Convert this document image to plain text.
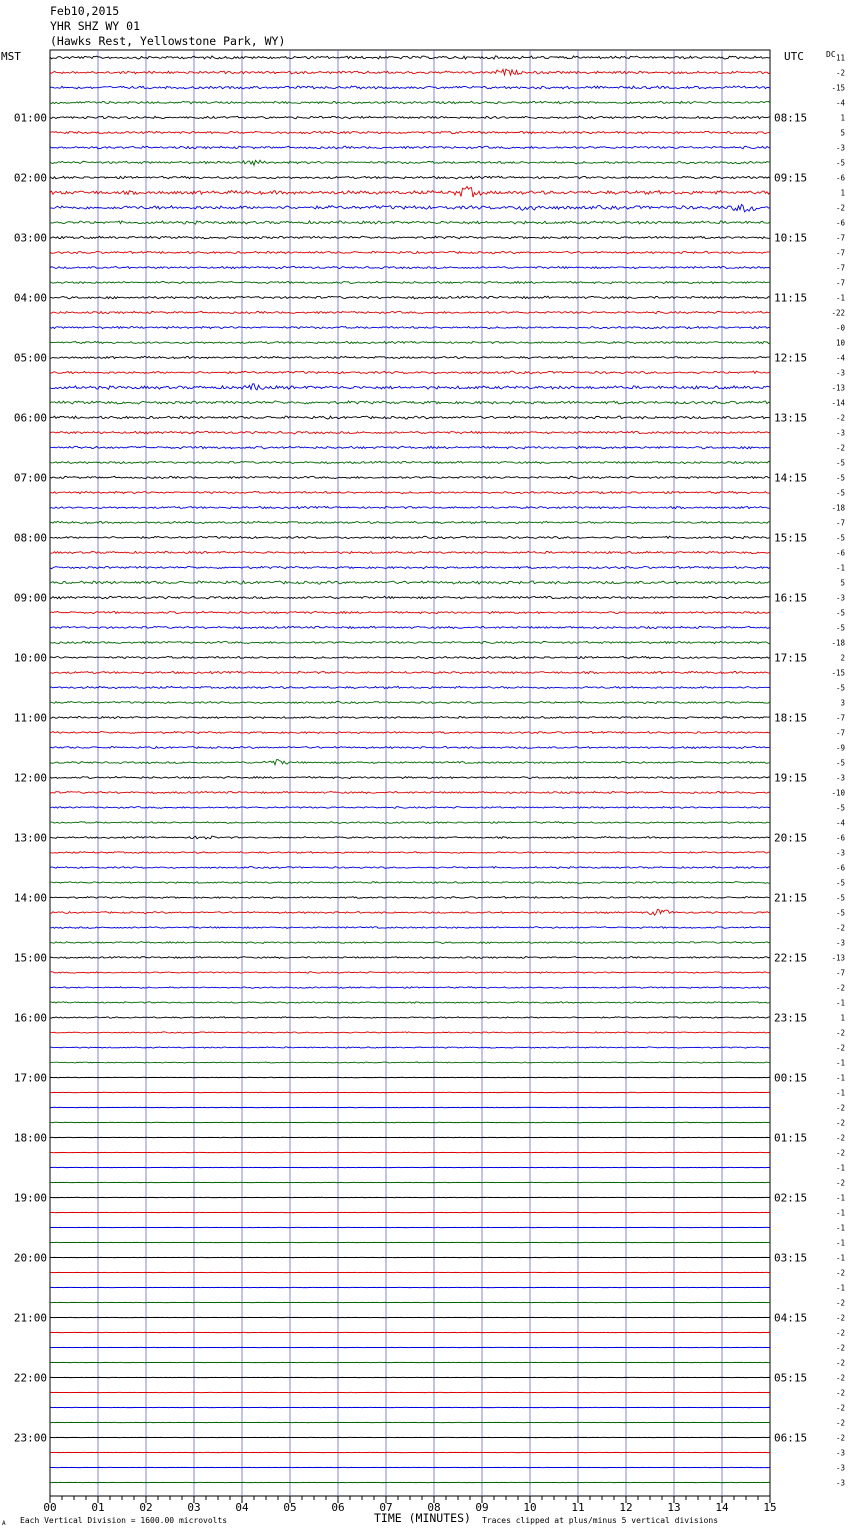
Feb10,2015
YHR SHZ WY 01
(Hawks Rest, Yellowstone Park, WY)
MST	UTC	DC
01:00
02:00
03:00
04:00
05:00
06:00
07:00
08:00
09:00
10:00
11:00
12:00
13:00
14:00
15:00
16:00
17:00
18:00
19:00
20:00
21:00
22:00
23:00
08:15
09:15
10:15
11:15
12:15
13:15
14:15
15:15
16:15
17:15
18:15
19:15
20:15
21:15
22:15
23:15
00:15
01:15
02:15
03:15
04:15
05:15
06:15
11
-2
-15
-4
1
5
-3
-5
-6
1
-2
-6
-7
-7
-7
-7
-1
-22
-0
10
-4
-3
-13
-14
-2
-3
-2
-5
-5
-5
-18
-7
-5
-6
-1
5
-3
-5
-5
-18
2
-15
-5
3
-7
-7
-9
-5
-3
-10
-5
-4
-6
-3
-6
-5
-5
-5
-2
-3
-13
-7
-2
-1
1
-2
-2
-1
-1
-1
-2
-2
-2
-2
-1
-2
-1
-1
-1
-1
-1
-2
-1
-2
-2
-2
-2
-2
-2
-2
-2
-2
-2
-3
-3
-3
00	01	02	03	04	05	06	07	08	09	10	11	12	13	14	15
A Each Vertical Division = 1600.00 microvolts	TIME (MINUTES) Traces clipped at plus/minus 5 vertical divisions
